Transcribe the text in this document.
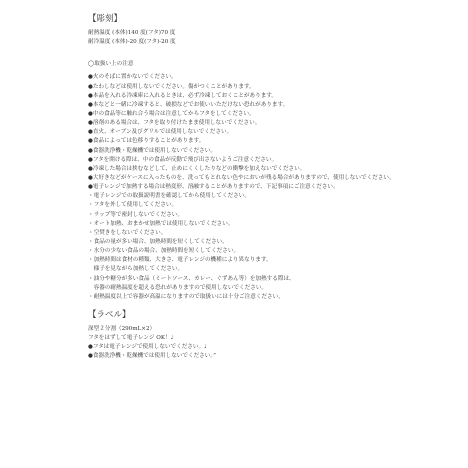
【彫刻】

耐熱温度 (本体)140 度(フタ)70 度

耐冷温度 (本体)-20 度(フタ)-20 度

◯取扱い上の注意

●火のそばに置かないでください。

●たわしなどは使用しないでください。傷がつくことがあります。

●本品を入れる冷凍庫に入れるときは、必ず冷凍しておくことがあります。

●本などと一緒に冷凍すると、破損などでお使いいただけない恐れがあります。

●中の食品等に触れ合う場合は注意してからフタをしてください。

●溶剤のある場合は、フタを取り付けたまま使用しないでください。

●直火、オーブン及びグリルでは使用しないでください。

●食品によっては色移りすることがあります。

●食器洗浄機・乾燥機では使用しないでください。

●フタを開ける際は、中の食品が反動で飛び出さないようご注意ください。

●冷凍した場合は挟むなどして、止めにくくしたりなどの衝撃を加えないでください。

●大好きなどがケースに入ったものを、洗ってもとれない色やにおいが残る場合がありますので、使用しないでください。

●電子レンジで加熱する場合は熱変形、溶融することがありますので、下記事項にご注意ください。

・電子レンジでの取扱説明書を確認してから使用してください。

・フタを外して使用してください。

・ラップ等で密封しないでください。

・オート加熱、おまかせ加熱では使用しないでください。

・空焚きをしないでください。

・食品の量が多い場合、加熱時間を短くしてください。

・水分の少ない食品の場合、加熱時間を短くしてください。

・加熱時間は食材の種類、大きさ、電子レンジの機種により異なります。

　様子を見ながら加熱してください。

・油分や糖分が多い食品（ミートソース、カレー、ぐずあん等）を加熱する際は、

　容器の耐熱温度を超える恐れがありますので使用しないでください。

・耐熱温度以上で容器が高温になりますので取扱いには十分ご注意ください。

【ラベル】

深型２分割（290mL×2）

フタをはずして電子レンジ OK！♩

●フタは電子レンジで使用しないでください。♩

●食器洗浄機・乾燥機では使用しないでください。”
